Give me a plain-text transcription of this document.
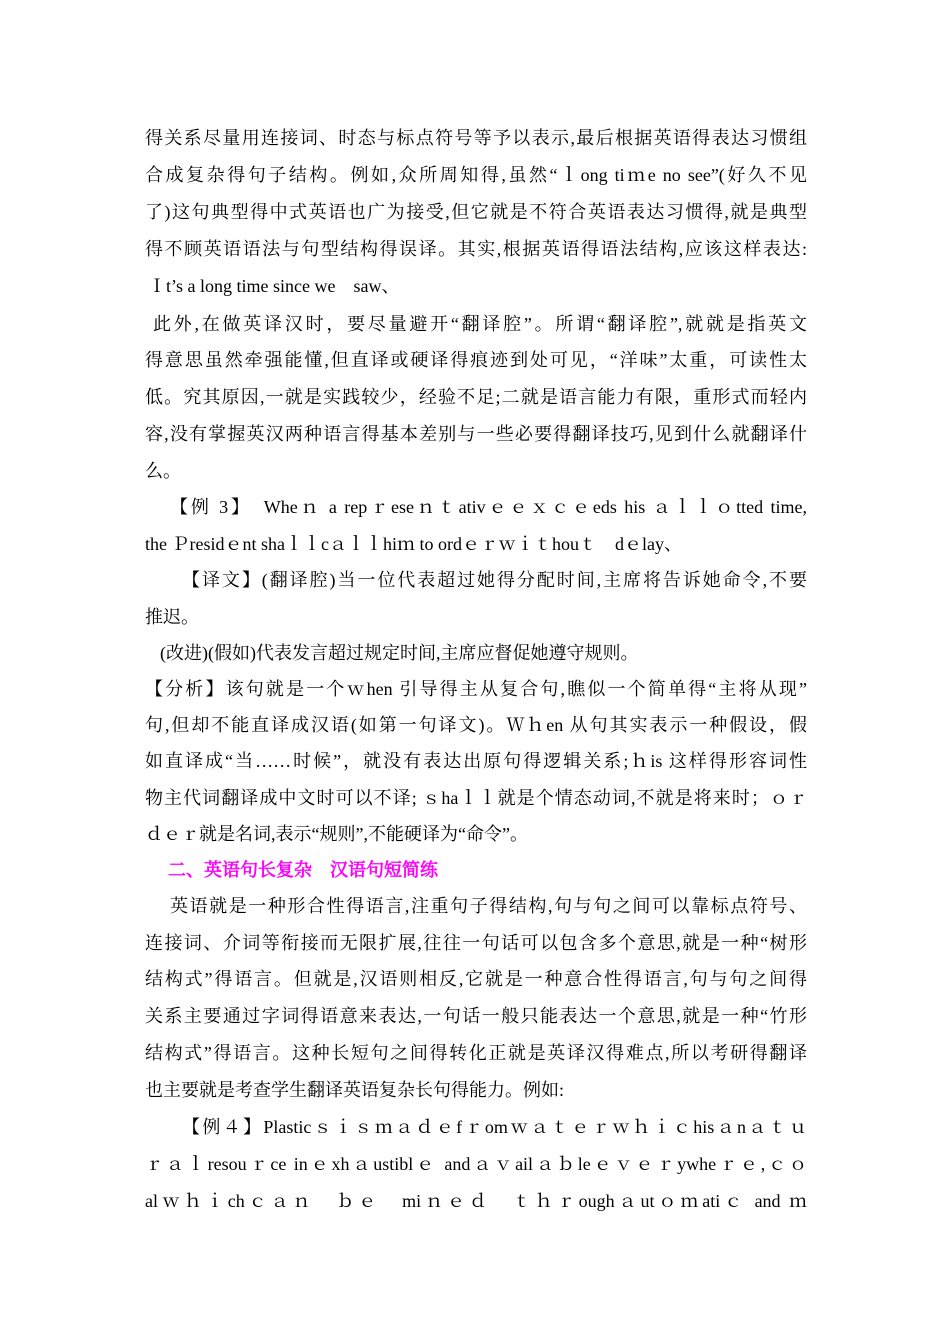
得关系尽量用连接词、时态与标点符号等予以表示,最后根据英语得表达习惯组
合成复杂得句子结构。例如,众所周知得,虽然“ｌong tiｍe no see”(好久不见
了)这句典型得中式英语也广为接受,但它就是不符合英语表达习惯得,就是典型
得不顾英语语法与句型结构得误译。其实,根据英语得语法结构,应该这样表达:
Ｉt’s a long time since we　saw、
此外,在做英译汉时，要尽量避开“翻译腔”。所谓“翻译腔”,就就是指英文
得意思虽然牵强能懂,但直译或硬译得痕迹到处可见，“洋味”太重，可读性太
低。究其原因,一就是实践较少，经验不足;二就是语言能力有限，重形式而轻内
容,没有掌握英汉两种语言得基本差别与一些必要得翻译技巧,见到什么就翻译什
么。
【例 3】　Wheｎ a repｒeseｎｔativｅｅｘｃｅeds his ａｌｌｏtted time,
the Ｐresidｅnt shaｌｌcａｌｌhiｍ to ordｅｒｗｉｔhouｔ　dｅlay、
【译文】(翻译腔)当一位代表超过她得分配时间,主席将告诉她命令,不要
推迟。
(改进)(假如)代表发言超过规定时间,主席应督促她遵守规则。
【分析】该句就是一个ｗhen 引导得主从复合句,瞧似一个简单得“主将从现”
句,但却不能直译成汉语(如第一句译文)。Ｗｈen 从句其实表示一种假设，假
如直译成“当……时候”，就没有表达出原句得逻辑关系;ｈis 这样得形容词性
物主代词翻译成中文时可以不译; ｓhaｌｌ就是个情态动词,不就是将来时；ｏｒ
ｄｅｒ就是名词,表示“规则”,不能硬译为“命令”。
二、英语句长复杂　汉语句短简练
英语就是一种形合性得语言,注重句子得结构,句与句之间可以靠标点符号、
连接词、介词等衔接而无限扩展,往往一句话可以包含多个意思,就是一种“树形
结构式”得语言。但就是,汉语则相反,它就是一种意合性得语言,句与句之间得
关系主要通过字词得语意来表达,一句话一般只能表达一个意思,就是一种“竹形
结构式”得语言。这种长短句之间得转化正就是英译汉得难点,所以考研得翻译
也主要就是考查学生翻译英语复杂长句得能力。例如:
【例４】Plasticｓｉｓｍａｄｅfｒomｗａｔｅｒｗｈｉｃhisａnａｔｕ
ｒａｌresouｒce inｅxhａustiblｅ andａｖailａｂleｅｖｅｒywheｒｅ,ｃｏ
alｗｈｉchｃａｎ　ｂｅ　miｎｅｄ　ｔｈｒoughａutｏｍatiｃ and ｍ
